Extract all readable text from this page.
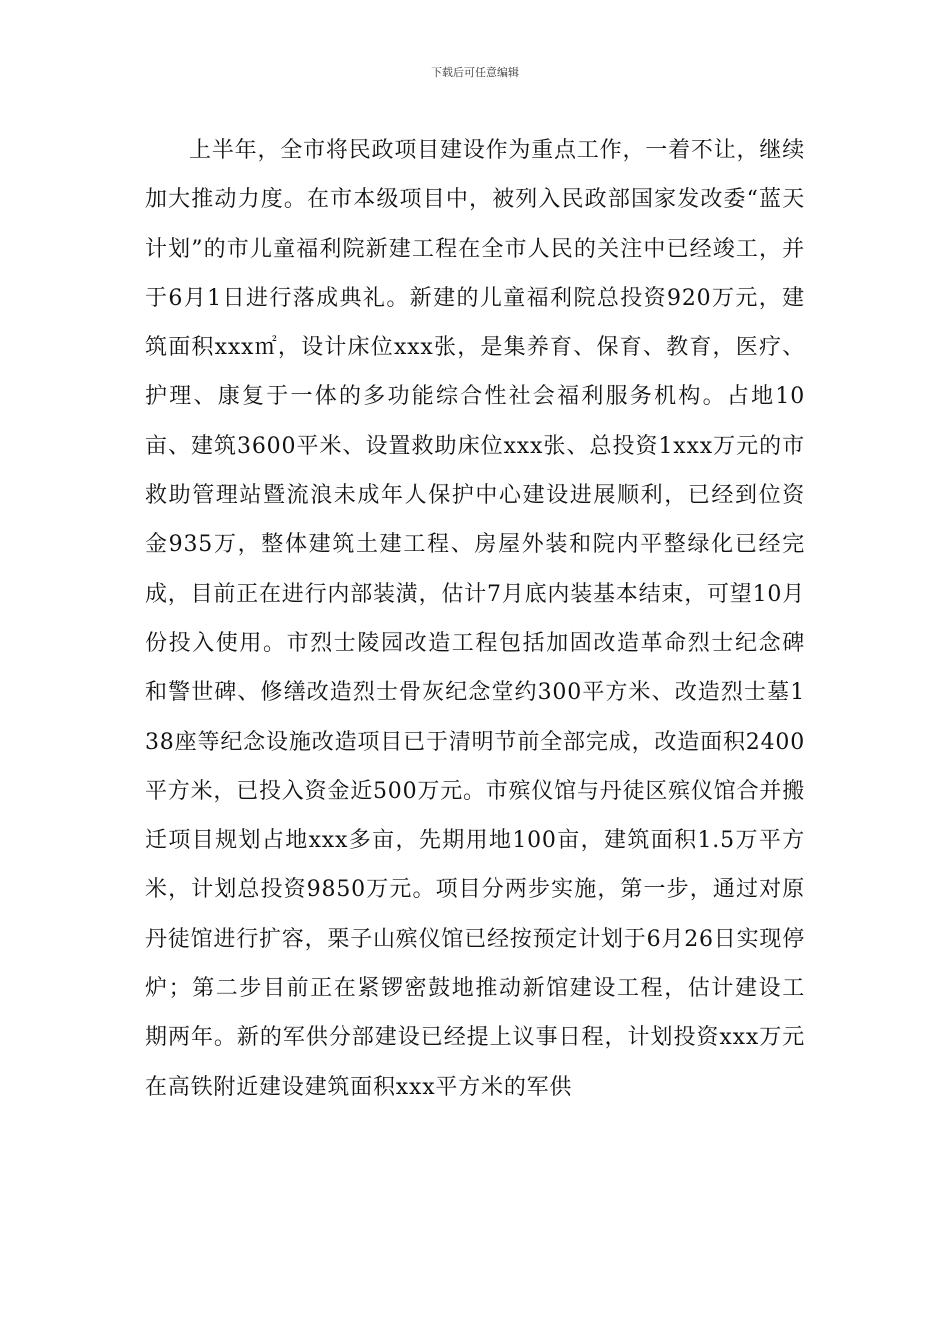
下载后可任意编辑

上半年，全市将民政项目建设作为重点工作，一着不让，继续加大推动力度。在市本级项目中，被列入民政部国家发改委“蓝天计划”的市儿童福利院新建工程在全市人民的关注中已经竣工，并于6月1日进行落成典礼。新建的儿童福利院总投资920万元，建筑面积xxx㎡，设计床位xxx张，是集养育、保育、教育，医疗、护理、康复于一体的多功能综合性社会福利服务机构。占地10亩、建筑3600平米、设置救助床位xxx张、总投资1xxx万元的市救助管理站暨流浪未成年人保护中心建设进展顺利，已经到位资金935万，整体建筑土建工程、房屋外装和院内平整绿化已经完成，目前正在进行内部装潢，估计7月底内装基本结束，可望10月份投入使用。市烈士陵园改造工程包括加固改造革命烈士纪念碑和警世碑、修缮改造烈士骨灰纪念堂约300平方米、改造烈士墓138座等纪念设施改造项目已于清明节前全部完成，改造面积2400平方米，已投入资金近500万元。市殡仪馆与丹徒区殡仪馆合并搬迁项目规划占地xxx多亩，先期用地100亩，建筑面积1.5万平方米，计划总投资9850万元。项目分两步实施，第一步，通过对原丹徒馆进行扩容，栗子山殡仪馆已经按预定计划于6月26日实现停炉；第二步目前正在紧锣密鼓地推动新馆建设工程，估计建设工期两年。新的军供分部建设已经提上议事日程，计划投资xxx万元在高铁附近建设建筑面积xxx平方米的军供
